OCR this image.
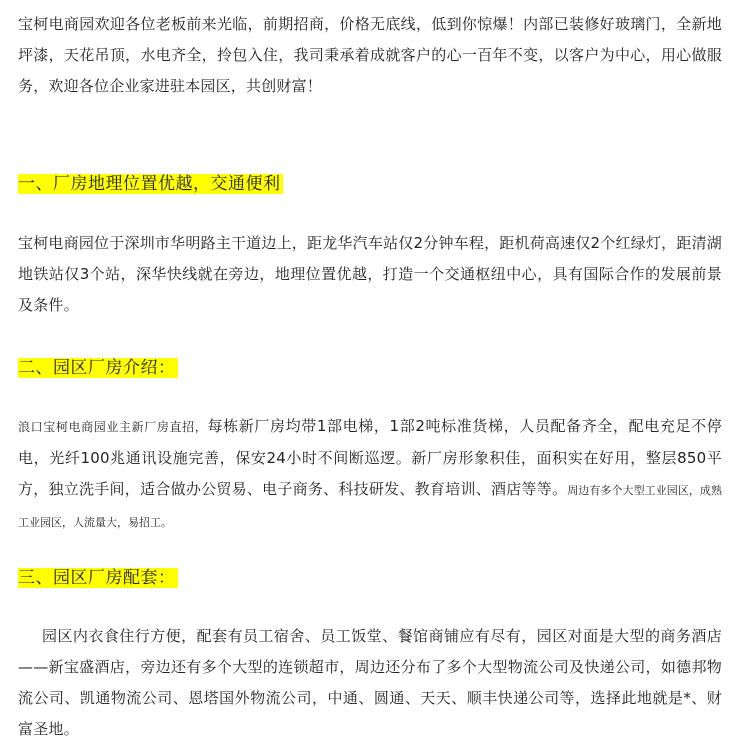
宝柯电商园欢迎各位老板前来光临，前期招商，价格无底线，低到你惊爆！内部已装修好玻璃门，全新地坪漆，天花吊顶，水电齐全，拎包入住，我司秉承着成就客户的心一百年不变，以客户为中心，用心做服务，欢迎各位企业家进驻本园区，共创财富！

一、厂房地理位置优越，交通便利

宝柯电商园位于深圳市华明路主干道边上，距龙华汽车站仅2分钟车程，距机荷高速仅2个红绿灯，距清湖地铁站仅3个站，深华快线就在旁边，地理位置优越，打造一个交通枢纽中心，具有国际合作的发展前景及条件。

二、园区厂房介绍：

浪口宝柯电商园业主新厂房直招，每栋新厂房均带1部电梯，1部2吨标准货梯，人员配备齐全，配电充足不停电，光纤100兆通讯设施完善，保安24小时不间断巡逻。新厂房形象积佳，面积实在好用，整层850平方，独立洗手间，适合做办公贸易、电子商务、科技研发、教育培训、酒店等等。周边有多个大型工业园区，成熟工业园区，人流量大，易招工。

三、园区厂房配套：

园区内衣食住行方便，配套有员工宿舍、员工饭堂、餐馆商铺应有尽有，园区对面是大型的商务酒店——新宝盛酒店，旁边还有多个大型的连锁超市，周边还分布了多个大型物流公司及快递公司，如德邦物流公司、凯通物流公司、恩塔国外物流公司，中通、圆通、天天、顺丰快递公司等，选择此地就是*、财富圣地。
